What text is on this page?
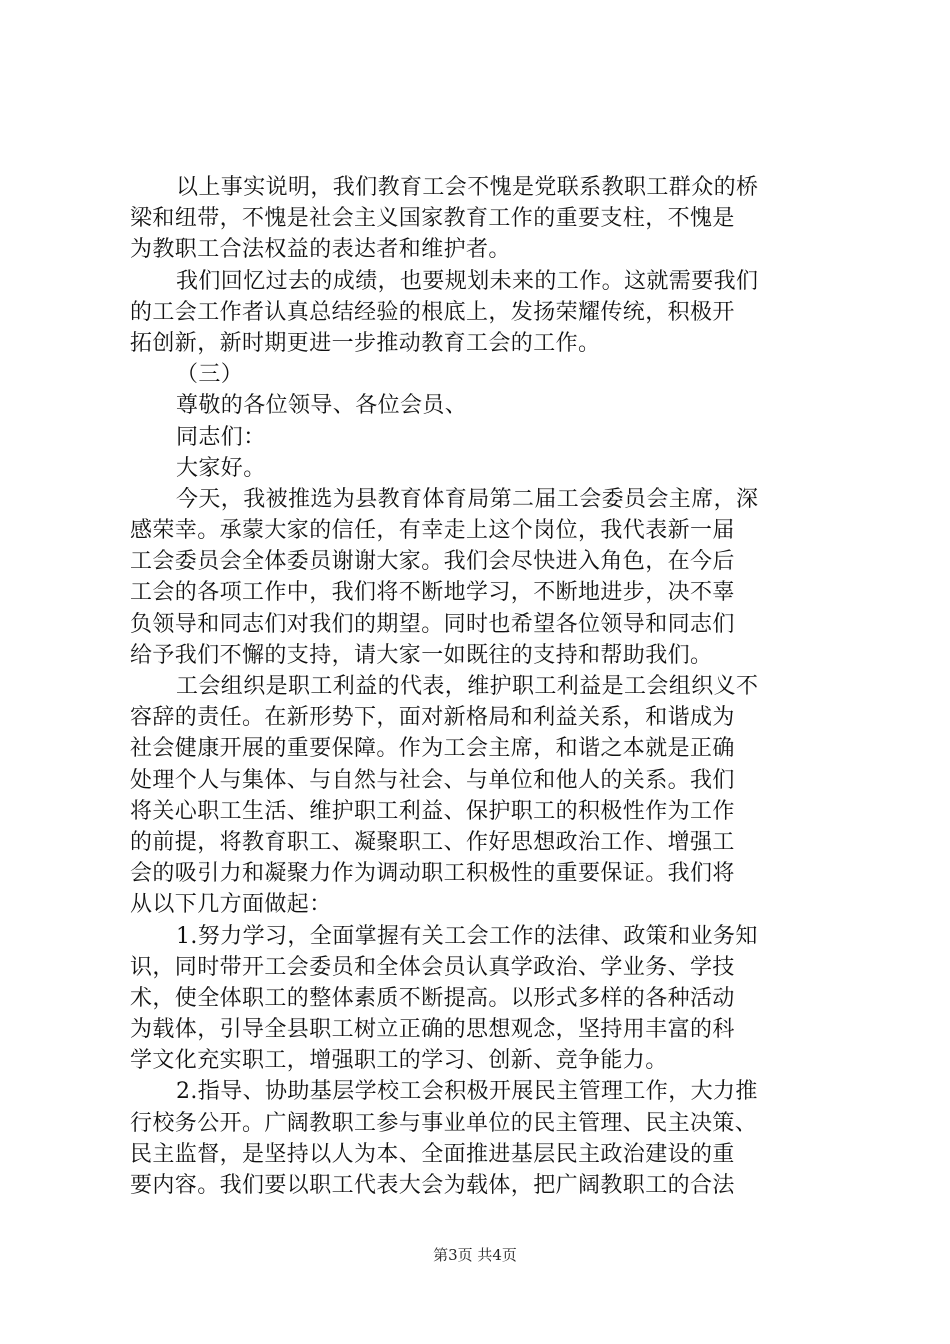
以上事实说明，我们教育工会不愧是党联系教职工群众的桥
梁和纽带，不愧是社会主义国家教育工作的重要支柱，不愧是
为教职工合法权益的表达者和维护者。
我们回忆过去的成绩，也要规划未来的工作。这就需要我们
的工会工作者认真总结经验的根底上，发扬荣耀传统，积极开
拓创新，新时期更进一步推动教育工会的工作。
（三）
尊敬的各位领导、各位会员、
同志们：
大家好。
今天，我被推选为县教育体育局第二届工会委员会主席，深
感荣幸。承蒙大家的信任，有幸走上这个岗位，我代表新一届
工会委员会全体委员谢谢大家。我们会尽快进入角色，在今后
工会的各项工作中，我们将不断地学习，不断地进步，决不辜
负领导和同志们对我们的期望。同时也希望各位领导和同志们
给予我们不懈的支持，请大家一如既往的支持和帮助我们。
工会组织是职工利益的代表，维护职工利益是工会组织义不
容辞的责任。在新形势下，面对新格局和利益关系，和谐成为
社会健康开展的重要保障。作为工会主席，和谐之本就是正确
处理个人与集体、与自然与社会、与单位和他人的关系。我们
将关心职工生活、维护职工利益、保护职工的积极性作为工作
的前提，将教育职工、凝聚职工、作好思想政治工作、增强工
会的吸引力和凝聚力作为调动职工积极性的重要保证。我们将
从以下几方面做起：
1.努力学习，全面掌握有关工会工作的法律、政策和业务知
识，同时带开工会委员和全体会员认真学政治、学业务、学技
术，使全体职工的整体素质不断提高。以形式多样的各种活动
为载体，引导全县职工树立正确的思想观念，坚持用丰富的科
学文化充实职工，增强职工的学习、创新、竞争能力。
2.指导、协助基层学校工会积极开展民主管理工作，大力推
行校务公开。广阔教职工参与事业单位的民主管理、民主决策、
民主监督，是坚持以人为本、全面推进基层民主政治建设的重
要内容。我们要以职工代表大会为载体，把广阔教职工的合法
第3页 共4页
